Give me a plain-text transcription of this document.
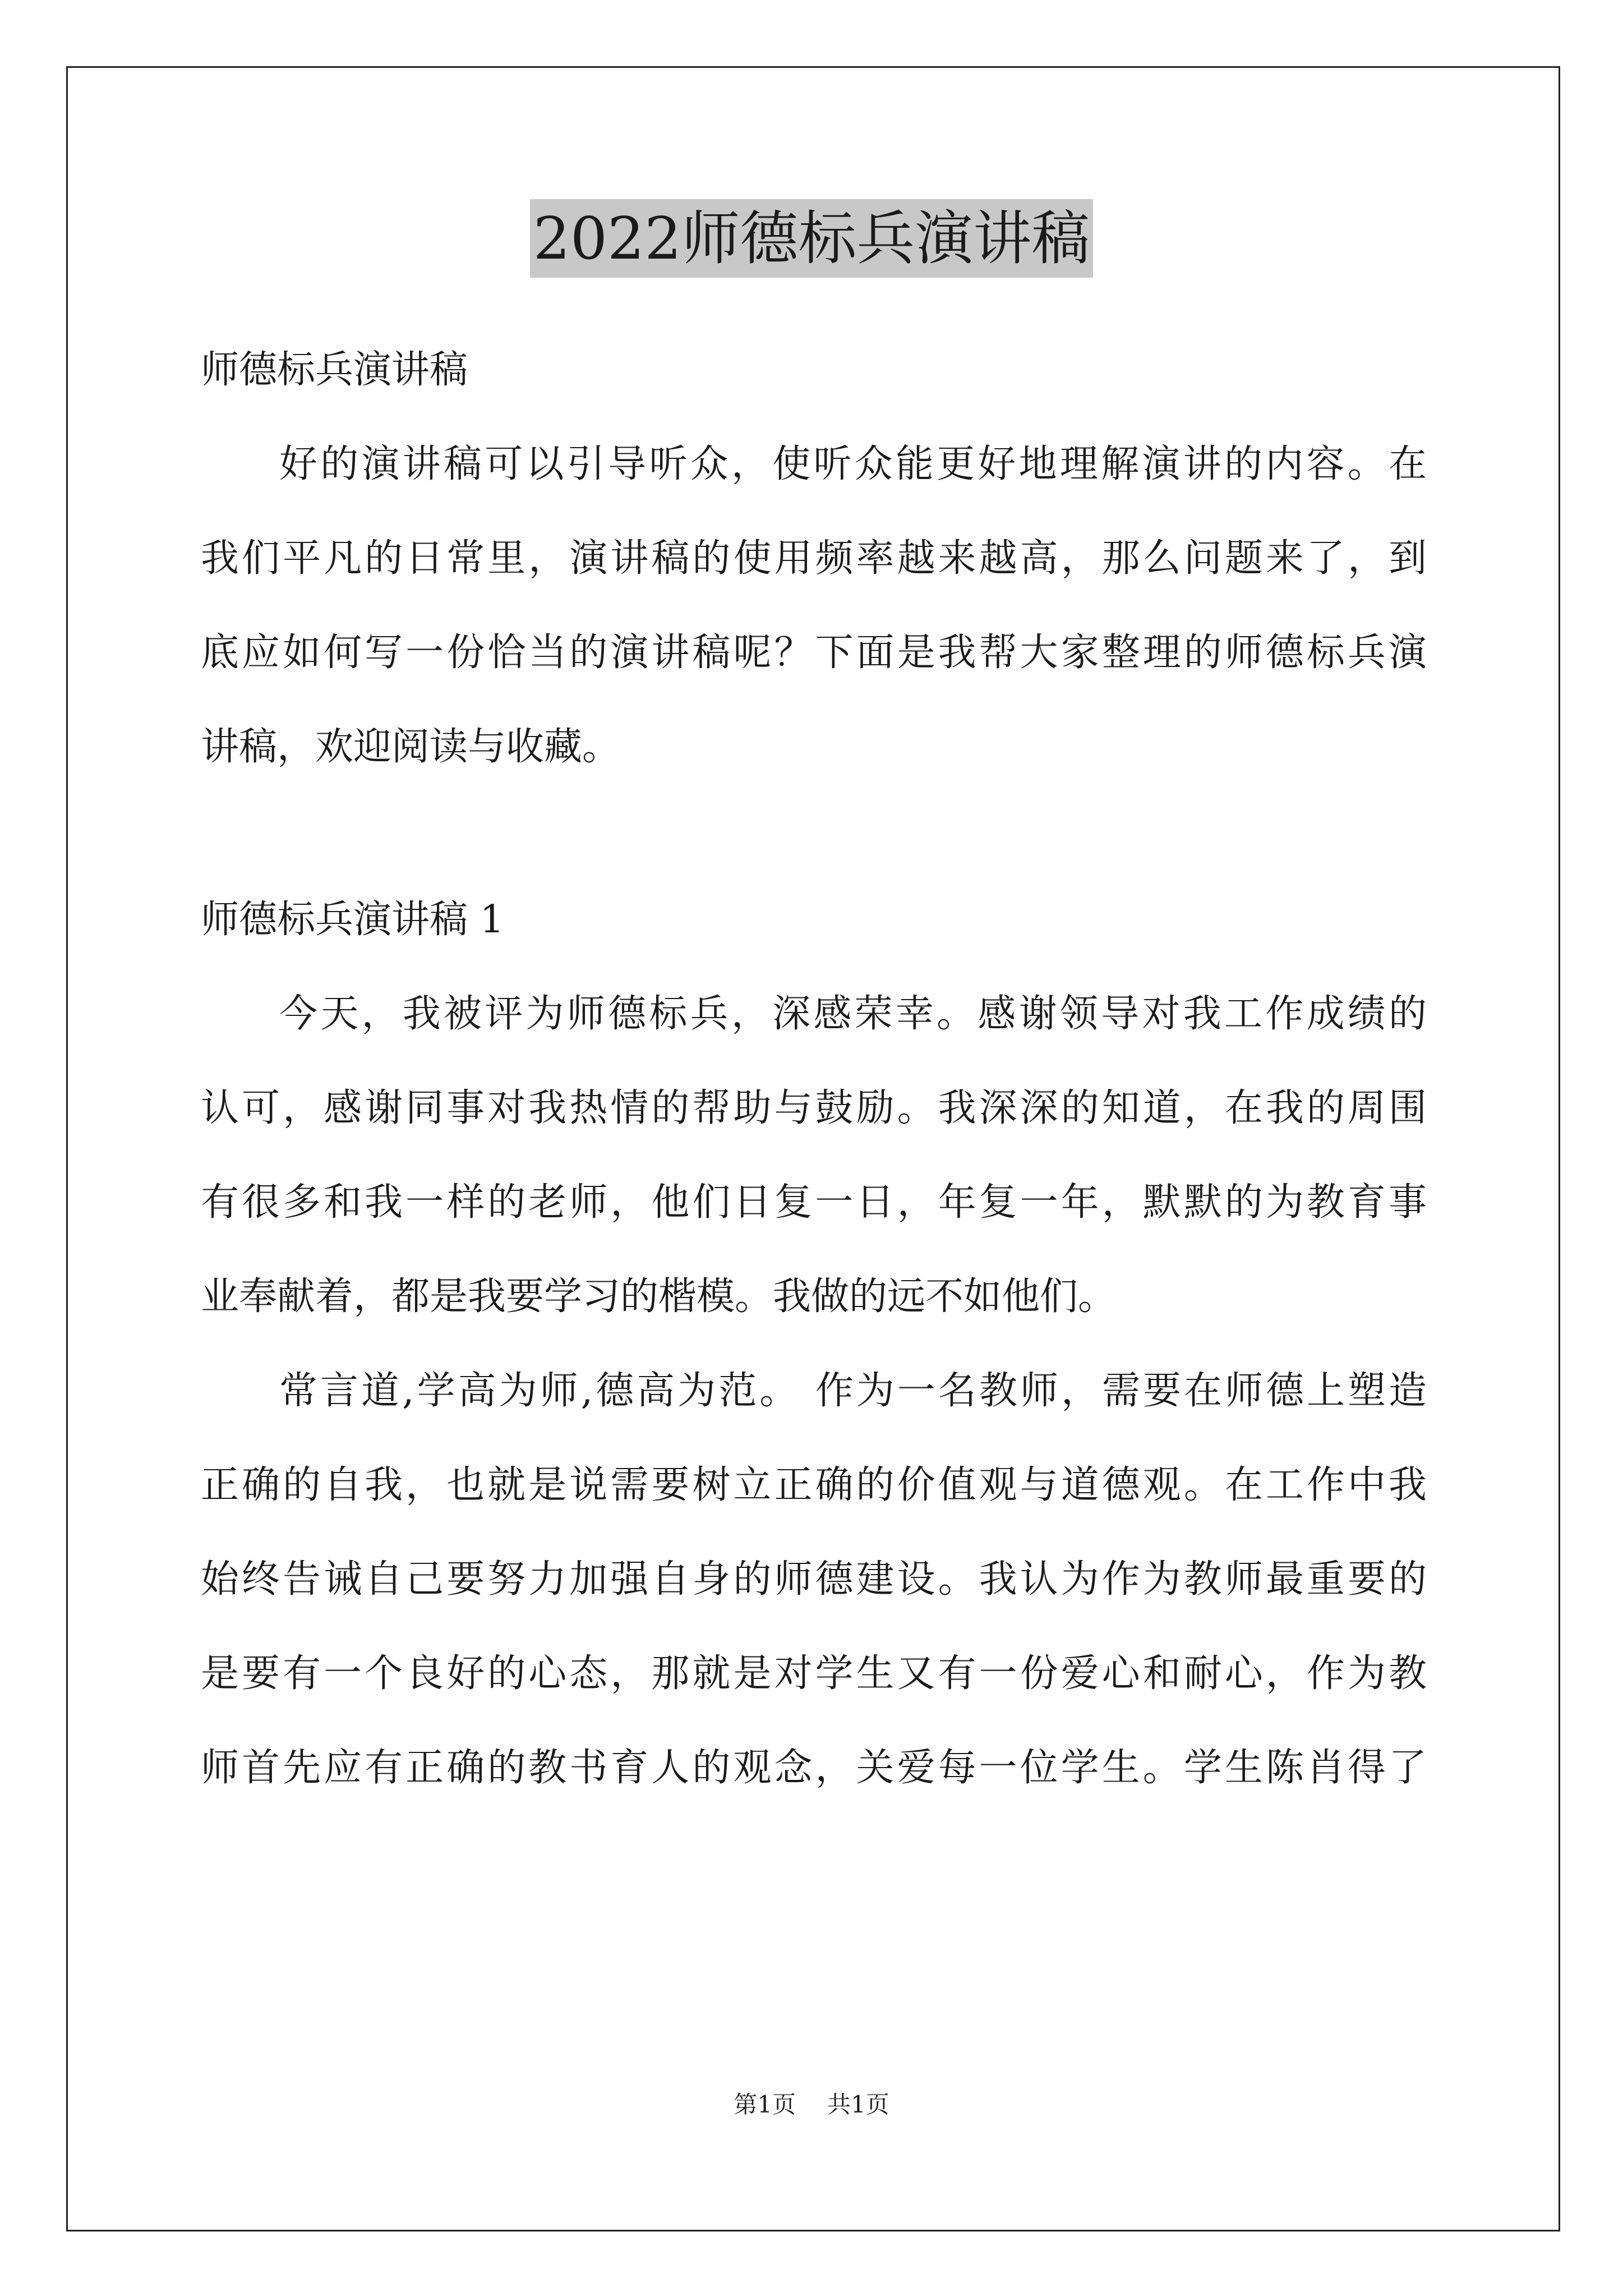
2022师德标兵演讲稿
师德标兵演讲稿
好的演讲稿可以引导听众，使听众能更好地理解演讲的内容。在
我们平凡的日常里，演讲稿的使用频率越来越高，那么问题来了，到
底应如何写一份恰当的演讲稿呢？下面是我帮大家整理的师德标兵演
讲稿，欢迎阅读与收藏。
师德标兵演讲稿 1
今天，我被评为师德标兵，深感荣幸。感谢领导对我工作成绩的
认可，感谢同事对我热情的帮助与鼓励。我深深的知道，在我的周围
有很多和我一样的老师，他们日复一日，年复一年，默默的为教育事
业奉献着，都是我要学习的楷模。我做的远不如他们。
常言道,学高为师,德高为范。 作为一名教师，需要在师德上塑造
正确的自我，也就是说需要树立正确的价值观与道德观。在工作中我
始终告诫自己要努力加强自身的师德建设。我认为作为教师最重要的
是要有一个良好的心态，那就是对学生又有一份爱心和耐心，作为教
师首先应有正确的教书育人的观念，关爱每一位学生。学生陈肖得了
第1页 共1页
